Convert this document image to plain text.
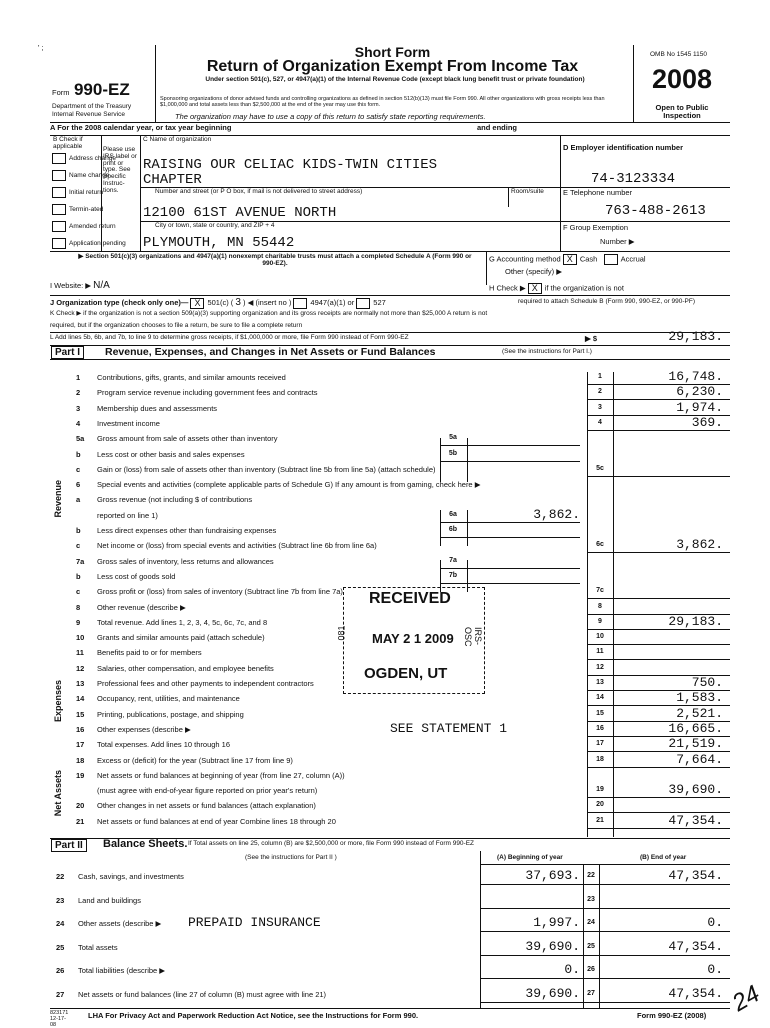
' ;
Form 990-EZ
Department of the Treasury
Internal Revenue Service
Short Form
Return of Organization Exempt From Income Tax
Under section 501(c), 527, or 4947(a)(1) of the Internal Revenue Code (except black lung benefit trust or private foundation)
Sponsoring organizations of donor advised funds and controlling organizations as defined in section 512(b)(13) must file Form 990. All other organizations with gross receipts less than $1,000,000 and total assets less than $2,500,000 at the end of the year may use this form.
The organization may have to use a copy of this return to satisfy state reporting requirements.
OMB No 1545 1150
2008
Open to Public Inspection
A For the 2008 calendar year, or tax year beginning	and ending
B Check if applicable
Address change
Name change
Initial return
Termin-ated
Amended return
Application pending
Please use IRS label or print or type. See Specific Instruc-tions.
C Name of organization
RAISING OUR CELIAC KIDS-TWIN CITIES
CHAPTER
Number and street (or P O box, if mail is not delivered to street address)	Room/suite
12100 61ST AVENUE NORTH
City or town, state or country, and ZIP + 4
PLYMOUTH, MN 55442
D Employer identification number
74-3123334
E Telephone number
763-488-2613
F Group Exemption
Number ▶
▶ Section 501(c)(3) organizations and 4947(a)(1) nonexempt charitable trusts must attach a completed Schedule A (Form 990 or 990-EZ).	G Accounting method X Cash	Accrual
Other (specify) ▶
I Website: ▶ N/A	H Check ▶ X if the organization is not
J Organization type (check only one)— X 501(c) ( 3 ) ◀ (insert no )	4947(a)(1) or	527	required to attach Schedule B (Form 990, 990-EZ, or 990-PF)
K Check ▶ if the organization is not a section 509(a)(3) supporting organization and its gross receipts are normally not more than $25,000 A return is not
required, but if the organization chooses to file a return, be sure to file a complete return
L Add lines 5b, 6b, and 7b, to line 9 to determine gross receipts, if $1,000,000 or more, file Form 990 instead of Form 990-EZ	▶ $	29,183.
Part I	Revenue, Expenses, and Changes in Net Assets or Fund Balances	(See the instructions for Part I.)
Revenue
Expenses
Net Assets
1 Contributions, gifts, grants, and similar amounts received	1	16,748.
2 Program service revenue including government fees and contracts	2	6,230.
3 Membership dues and assessments	3	1,974.
4 Investment income	4	369.
5a Gross amount from sale of assets other than inventory	5a
b Less cost or other basis and sales expenses	5b
c Gain or (loss) from sale of assets other than inventory (Subtract line 5b from line 5a) (attach schedule)	5c
6 Special events and activities (complete applicable parts of Schedule G) If any amount is from gaming, check here ▶
a Gross revenue (not including $ of contributions
reported on line 1)	6a	3,862.
b Less direct expenses other than fundraising expenses	6b
c Net income or (loss) from special events and activities (Subtract line 6b from line 6a)	6c	3,862.
7a Gross sales of inventory, less returns and allowances	7a
b Less cost of goods sold	7b
c Gross profit or (loss) from sales of inventory (Subtract line 7b from line 7a)	7c
8 Other revenue (describe ▶	8
9 Total revenue. Add lines 1, 2, 3, 4, 5c, 6c, 7c, and 8	9	29,183.
10 Grants and similar amounts paid (attach schedule)	10
11 Benefits paid to or for members	11
12 Salaries, other compensation, and employee benefits	12
13 Professional fees and other payments to independent contractors	13	750.
14 Occupancy, rent, utilities, and maintenance	14	1,583.
15 Printing, publications, postage, and shipping	15	2,521.
16 Other expenses (describe ▶	SEE STATEMENT 1	16	16,665.
17 Total expenses. Add lines 10 through 16	17	21,519.
18 Excess or (deficit) for the year (Subtract line 17 from line 9)	18	7,664.
19 Net assets or fund balances at beginning of year (from line 27, column (A))
(must agree with end-of-year figure reported on prior year's return)	19	39,690.
20 Other changes in net assets or fund balances (attach explanation)	20
21 Net assets or fund balances at end of year Combine lines 18 through 20	21	47,354.
RECEIVED
MAY 2 1 2009
OGDEN, UT
081	IRS-OSC
Part II	Balance Sheets. If Total assets on line 25, column (B) are $2,500,000 or more, file Form 990 instead of Form 990-EZ
(See the instructions for Part II )	(A) Beginning of year	(B) End of year
22 Cash, savings, and investments	37,693.	22	47,354.
23 Land and buildings	23
24 Other assets (describe ▶ PREPAID INSURANCE	1,997.	24	0.
25 Total assets	39,690.	25	47,354.
26 Total liabilities (describe ▶	0.	26	0.
27 Net assets or fund balances (line 27 of column (B) must agree with line 21)	39,690.	27	47,354.
823171 12-17-08
LHA For Privacy Act and Paperwork Reduction Act Notice, see the Instructions for Form 990.	Form 990-EZ (2008) 24
